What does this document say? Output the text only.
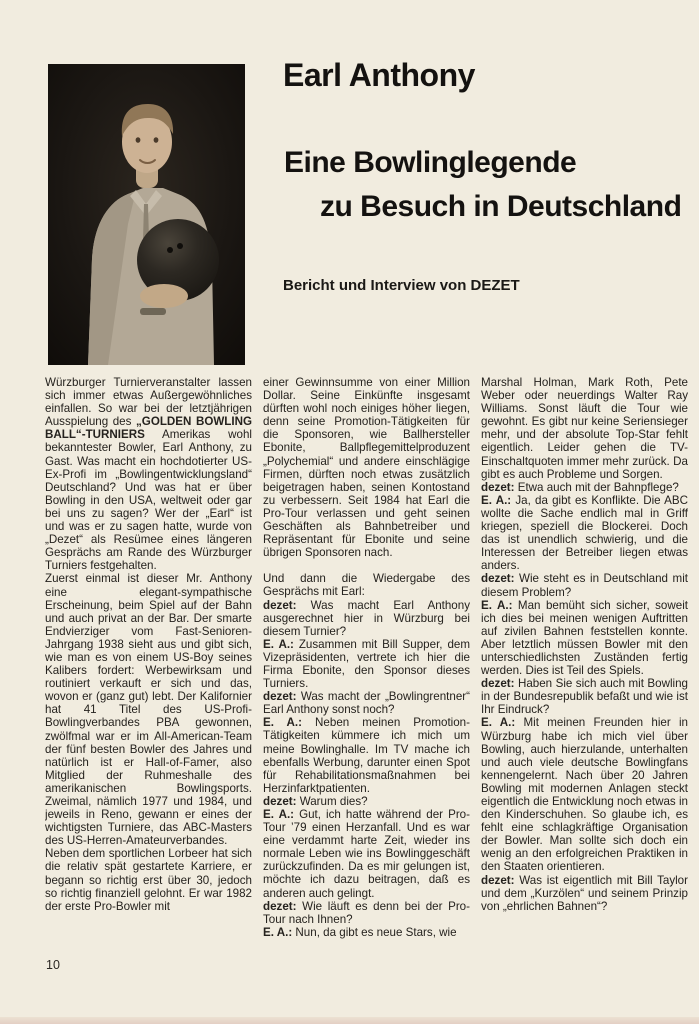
Earl Anthony
Eine Bowlinglegende
zu Besuch in Deutschland
Bericht und Interview von DEZET

Würzburger Turnierveranstalter lassen sich immer etwas Außergewöhnliches einfallen. So war bei der letztjährigen Ausspielung des „GOLDEN BOWLING BALL“-TURNIERS Amerikas wohl bekanntester Bowler, Earl Anthony, zu Gast. Was macht ein hochdotierter US-Ex-Profi im „Bowlingentwicklungsland“ Deutschland? Und was hat er über Bowling in den USA, weltweit oder gar bei uns zu sagen? Wer der „Earl“ ist und was er zu sagen hatte, wurde von „Dezet“ als Resümee eines längeren Gesprächs am Rande des Würzburger Turniers festgehalten.

Zuerst einmal ist dieser Mr. Anthony eine elegant-sympathische Erscheinung, beim Spiel auf der Bahn und auch privat an der Bar. Der smarte Endvierziger vom Fast-Senioren-Jahrgang 1938 sieht aus und gibt sich, wie man es von einem US-Boy seines Kalibers fordert: Werbewirksam und routiniert verkauft er sich und das, wovon er (ganz gut) lebt. Der Kalifornier hat 41 Titel des US-Profi-Bowlingverbandes PBA gewonnen, zwölfmal war er im All-American-Team der fünf besten Bowler des Jahres und natürlich ist er Hall-of-Famer, also Mitglied der Ruhmeshalle des amerikanischen Bowlingsports. Zweimal, nämlich 1977 und 1984, und jeweils in Reno, gewann er eines der wichtigsten Turniere, das ABC-Masters des US-Herren-Amateurverbandes.

Neben dem sportlichen Lorbeer hat sich die relativ spät gestartete Karriere, er begann so richtig erst über 30, jedoch so richtig finanziell gelohnt. Er war 1982 der erste Pro-Bowler mit

einer Gewinnsumme von einer Million Dollar. Seine Einkünfte insgesamt dürften wohl noch einiges höher liegen, denn seine Promotion-Tätigkeiten für die Sponsoren, wie Ballhersteller Ebonite, Ballpflegemittelproduzent „Polychemial“ und andere einschlägige Firmen, dürften noch etwas zusätzlich beigetragen haben, seinen Kontostand zu verbessern. Seit 1984 hat Earl die Pro-Tour verlassen und geht seinen Geschäften als Bahnbetreiber und Repräsentant für Ebonite und seine übrigen Sponsoren nach.

Und dann die Wiedergabe des Gesprächs mit Earl:

dezet: Was macht Earl Anthony ausgerechnet hier in Würzburg bei diesem Turnier?

E. A.: Zusammen mit Bill Supper, dem Vizepräsidenten, vertrete ich hier die Firma Ebonite, den Sponsor dieses Turniers.

dezet: Was macht der „Bowlingrentner“ Earl Anthony sonst noch?

E. A.: Neben meinen Promotion-Tätigkeiten kümmere ich mich um meine Bowlinghalle. Im TV mache ich ebenfalls Werbung, darunter einen Spot für Rehabilitationsmaßnahmen bei Herzinfarktpatienten.

dezet: Warum dies?

E. A.: Gut, ich hatte während der Pro-Tour ’79 einen Herzanfall. Und es war eine verdammt harte Zeit, wieder ins normale Leben wie ins Bowlinggeschäft zurückzufinden. Da es mir gelungen ist, möchte ich dazu beitragen, daß es anderen auch gelingt.

dezet: Wie läuft es denn bei der Pro-Tour nach Ihnen?

E. A.: Nun, da gibt es neue Stars, wie

Marshal Holman, Mark Roth, Pete Weber oder neuerdings Walter Ray Williams. Sonst läuft die Tour wie gewohnt. Es gibt nur keine Seriensieger mehr, und der absolute Top-Star fehlt eigentlich. Leider gehen die TV-Einschaltquoten immer mehr zurück. Da gibt es auch Probleme und Sorgen.

dezet: Etwa auch mit der Bahnpflege?

E. A.: Ja, da gibt es Konflikte. Die ABC wollte die Sache endlich mal in Griff kriegen, speziell die Blockerei. Doch das ist unendlich schwierig, und die Interessen der Betreiber liegen etwas anders.

dezet: Wie steht es in Deutschland mit diesem Problem?

E. A.: Man bemüht sich sicher, soweit ich dies bei meinen wenigen Auftritten auf zivilen Bahnen feststellen konnte. Aber letztlich müssen Bowler mit den unterschiedlichsten Zuständen fertig werden. Dies ist Teil des Spiels.

dezet: Haben Sie sich auch mit Bowling in der Bundesrepublik befaßt und wie ist Ihr Eindruck?

E. A.: Mit meinen Freunden hier in Würzburg habe ich mich viel über Bowling, auch hierzulande, unterhalten und auch viele deutsche Bowlingfans kennengelernt. Nach über 20 Jahren Bowling mit modernen Anlagen steckt eigentlich die Entwicklung noch etwas in den Kinderschuhen. So glaube ich, es fehlt eine schlagkräftige Organisation der Bowler. Man sollte sich doch ein wenig an den erfolgreichen Praktiken in den Staaten orientieren.

dezet: Was ist eigentlich mit Bill Taylor und dem „Kurzölen“ und seinem Prinzip von „ehrlichen Bahnen“?

10
